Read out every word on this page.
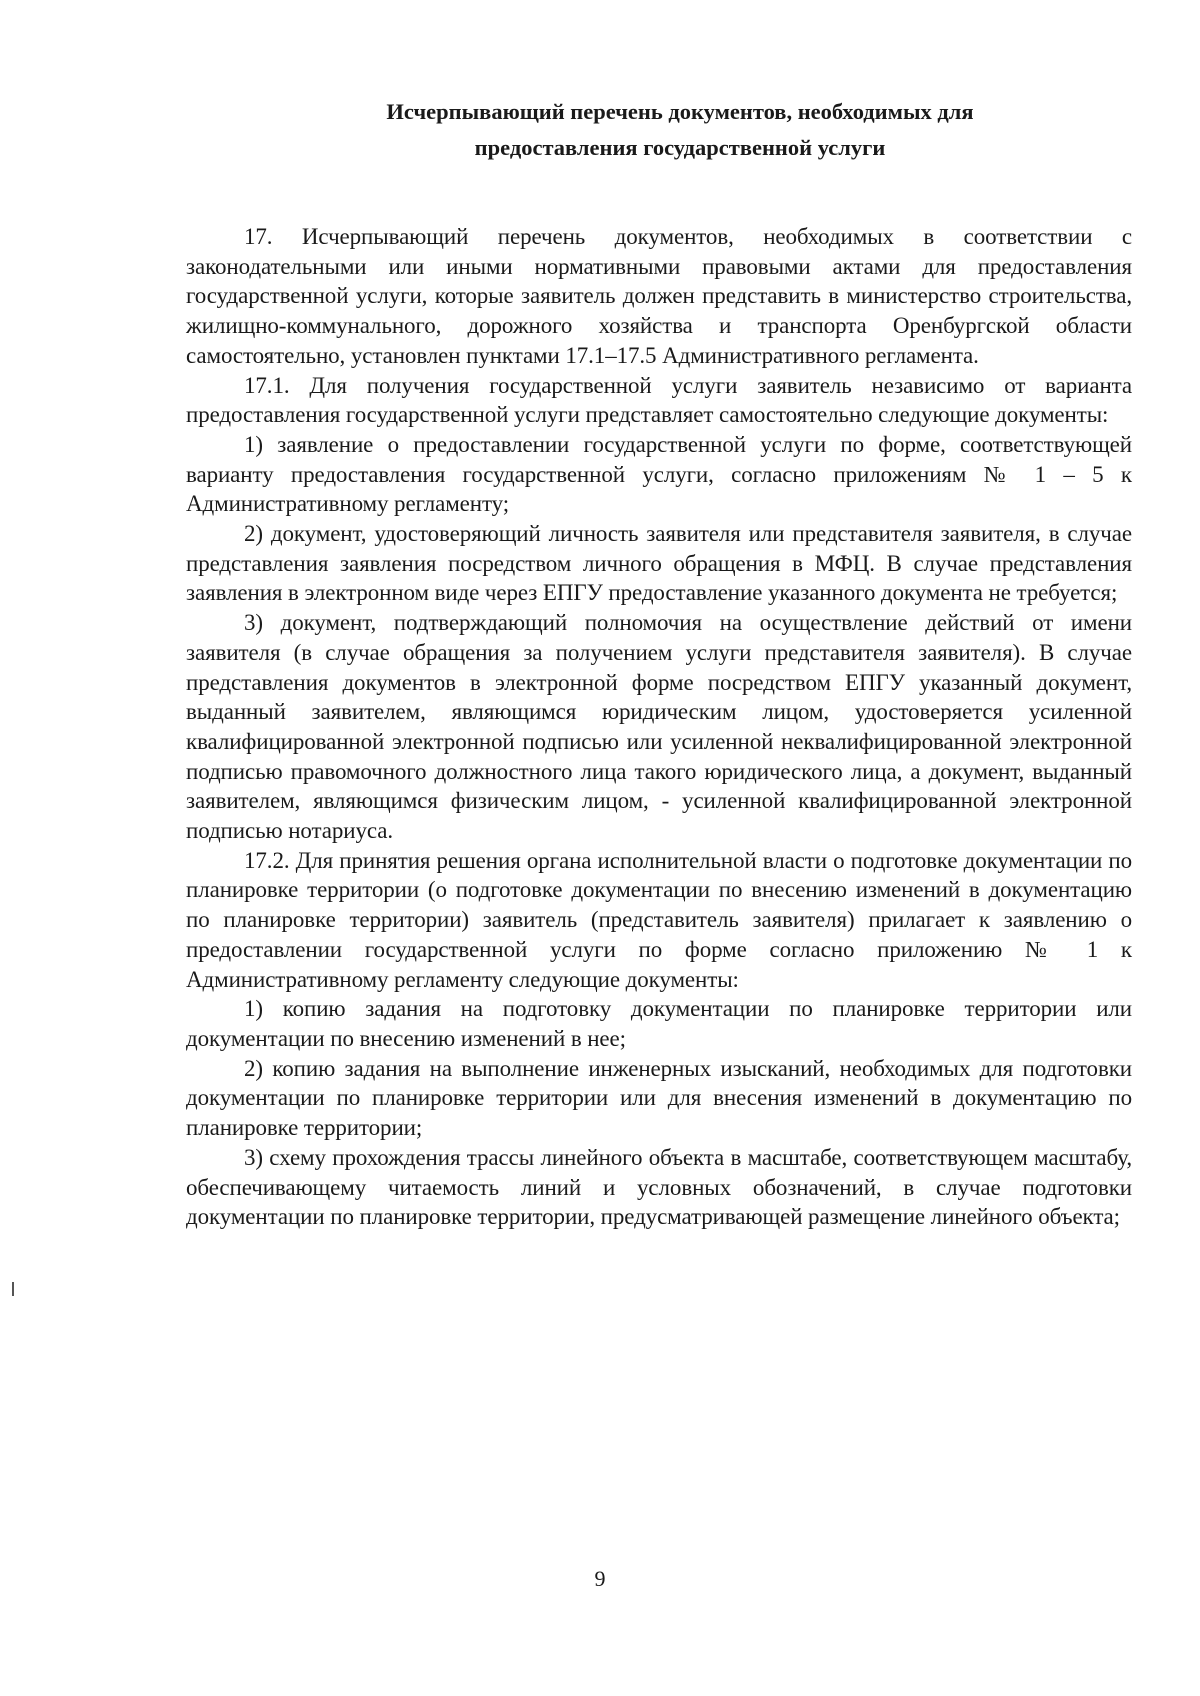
Исчерпывающий перечень документов, необходимых для
предоставления государственной услуги

17. Исчерпывающий перечень документов, необходимых в соответствии с законодательными или иными нормативными правовыми актами для предоставления государственной услуги, которые заявитель должен представить в министерство строительства, жилищно-коммунального, дорожного хозяйства и транспорта Оренбургской области самостоятельно, установлен пунктами 17.1–17.5 Административного регламента.

17.1. Для получения государственной услуги заявитель независимо от варианта предоставления государственной услуги представляет самостоятельно следующие документы:

1) заявление о предоставлении государственной услуги по форме, соответствующей варианту предоставления государственной услуги, согласно приложениям № 1 – 5 к Административному регламенту;

2) документ, удостоверяющий личность заявителя или представителя заявителя, в случае представления заявления посредством личного обращения в МФЦ. В случае представления заявления в электронном виде через ЕПГУ предоставление указанного документа не требуется;

3) документ, подтверждающий полномочия на осуществление действий от имени заявителя (в случае обращения за получением услуги представителя заявителя). В случае представления документов в электронной форме посредством ЕПГУ указанный документ, выданный заявителем, являющимся юридическим лицом, удостоверяется усиленной квалифицированной электронной подписью или усиленной неквалифицированной электронной подписью правомочного должностного лица такого юридического лица, а документ, выданный заявителем, являющимся физическим лицом, - усиленной квалифицированной электронной подписью нотариуса.

17.2. Для принятия решения органа исполнительной власти о подготовке документации по планировке территории (о подготовке документации по внесению изменений в документацию по планировке территории) заявитель (представитель заявителя) прилагает к заявлению о предоставлении государственной услуги по форме согласно приложению № 1 к Административному регламенту следующие документы:

1) копию задания на подготовку документации по планировке территории или документации по внесению изменений в нее;

2) копию задания на выполнение инженерных изысканий, необходимых для подготовки документации по планировке территории или для внесения изменений в документацию по планировке территории;

3) схему прохождения трассы линейного объекта в масштабе, соответствующем масштабу, обеспечивающему читаемость линий и условных обозначений, в случае подготовки документации по планировке территории, предусматривающей размещение линейного объекта;

9
